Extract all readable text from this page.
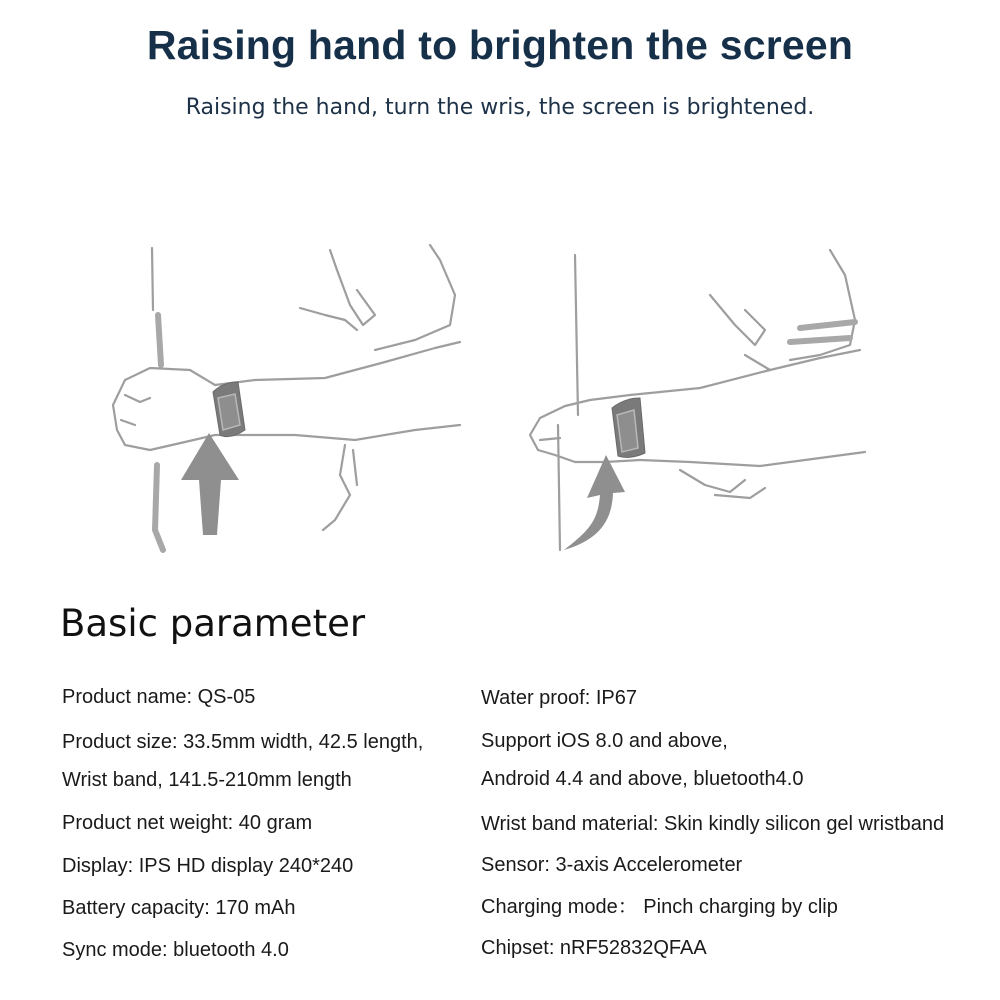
Raising hand to brighten the screen
Raising the hand, turn the wris, the screen is brightened.
Basic parameter
Product name: QS-05
Product size: 33.5mm width, 42.5 length,
Wrist band, 141.5-210mm length
Product net weight: 40 gram
Display: IPS HD display 240*240
Battery capacity: 170 mAh
Sync mode: bluetooth 4.0
Water proof: IP67
Support iOS 8.0 and above,
Android 4.4 and above, bluetooth4.0
Wrist band material: Skin kindly silicon gel wristband
Sensor: 3-axis Accelerometer
Charging mode： Pinch charging by clip
Chipset: nRF52832QFAA
